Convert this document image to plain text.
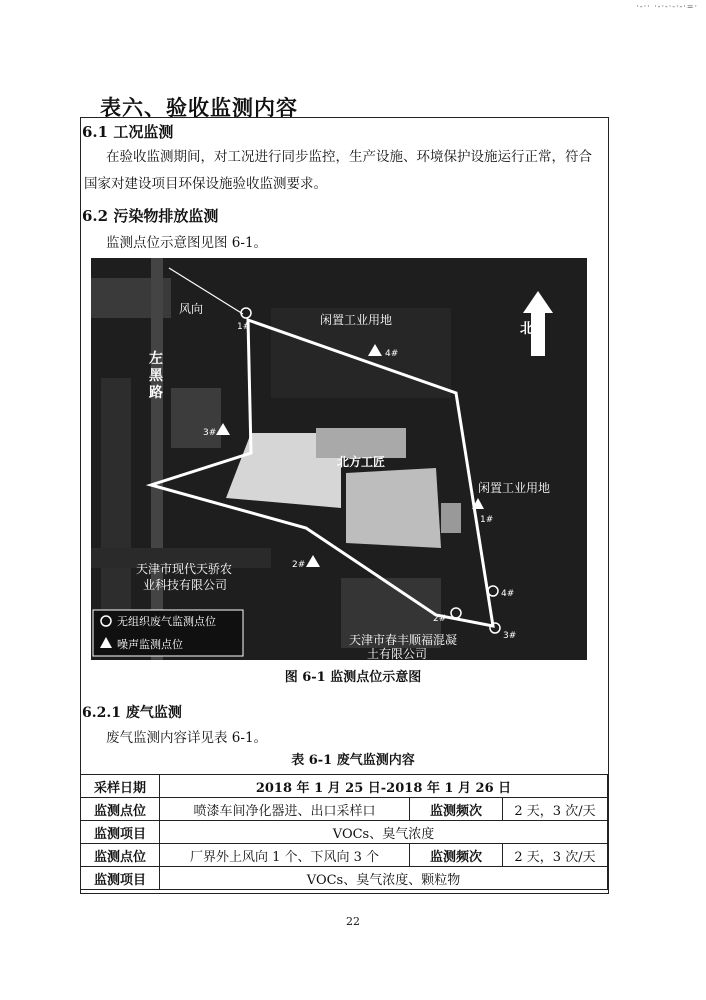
·-·· ·-·-·-·-·=·
表六、验收监测内容
6.1 工况监测
在验收监测期间，对工况进行同步监控，生产设施、环境保护设施运行正常，符合
国家对建设项目环保设施验收监测要求。
6.2 污染物排放监测
监测点位示意图见图 6-1。
风向
闲置工业用地
闲置工业用地
北方工匠
天津市现代天骄农
业科技有限公司
天津市春丰顺福混凝
土有限公司
无组织废气监测点位
噪声监测点位
北
左
黑
路
1#
2#
3#
4#
1#
2#
3#
4#
图 6-1 监测点位示意图
6.2.1 废气监测
废气监测内容详见表 6-1。
表 6-1 废气监测内容
采样日期	2018 年 1 月 25 日-2018 年 1 月 26 日		
监测点位	喷漆车间净化器进、出口采样口	监测频次	2 天，3 次/天
监测项目	VOCs、臭气浓度		
监测点位	厂界外上风向 1 个、下风向 3 个	监测频次	2 天，3 次/天
监测项目	VOCs、臭气浓度、颗粒物		
22
